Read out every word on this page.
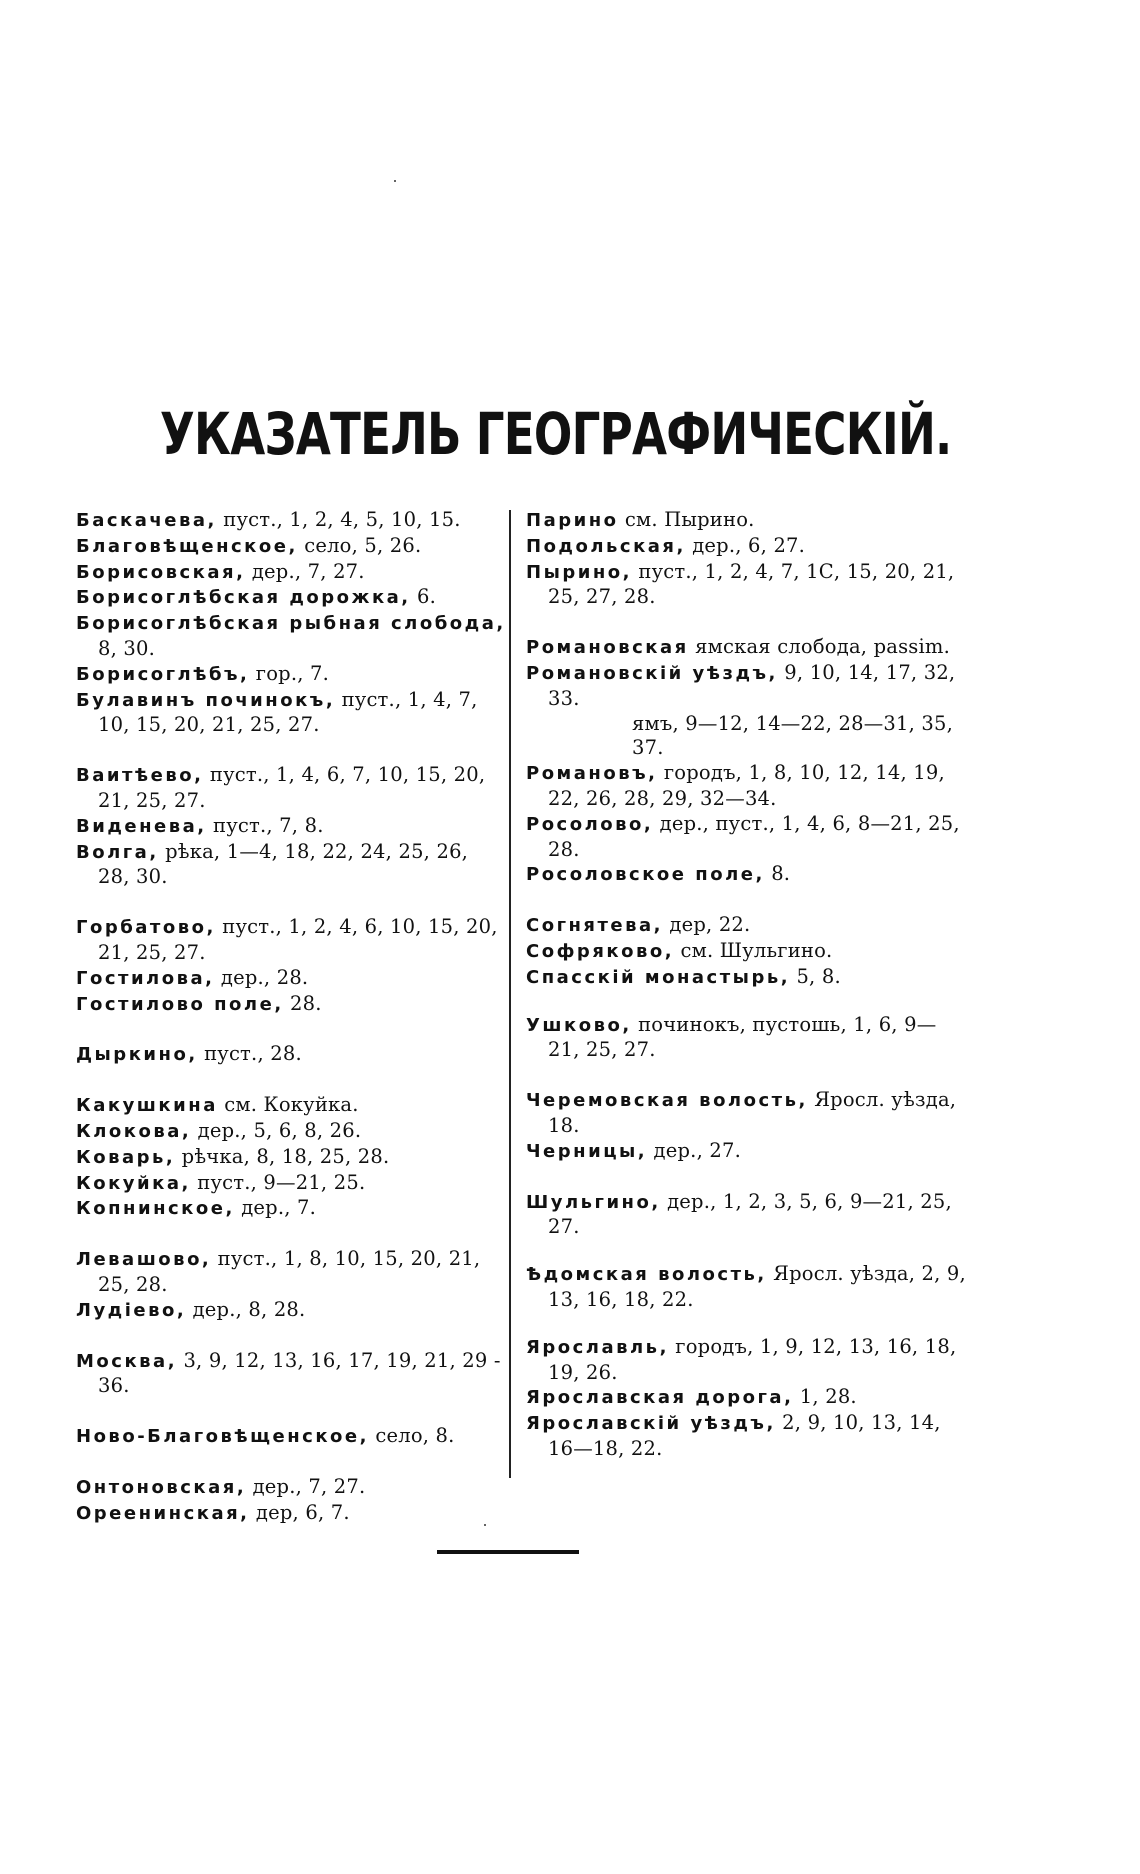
УКАЗАТЕЛЬ ГЕОГРАФИЧЕСКІЙ.

Баскачева, пуст., 1, 2, 4, 5, 10, 15.

Благовѣщенское, село, 5, 26.

Борисовская, дер., 7, 27.

Борисоглѣбская дорожка, 6.

Борисоглѣбская рыбная слобода, 8, 30.

Борисоглѣбъ, гор., 7.

Булавинъ починокъ, пуст., 1, 4, 7, 10, 15, 20, 21, 25, 27.

Ваитѣево, пуст., 1, 4, 6, 7, 10, 15, 20, 21, 25, 27.

Виденева, пуст., 7, 8.

Волга, рѣка, 1—4, 18, 22, 24, 25, 26, 28, 30.

Горбатово, пуст., 1, 2, 4, 6, 10, 15, 20, 21, 25, 27.

Гостилова, дер., 28.

Гостилово поле, 28.

Дыркино, пуст., 28.

Какушкина см. Кокуйка.

Клокова, дер., 5, 6, 8, 26.

Коварь, рѣчка, 8, 18, 25, 28.

Кокуйка, пуст., 9—21, 25.

Копнинское, дер., 7.

Левашово, пуст., 1, 8, 10, 15, 20, 21, 25, 28.

Лудіево, дер., 8, 28.

Москва, 3, 9, 12, 13, 16, 17, 19, 21, 29 - 36.

Ново-Благовѣщенское, село, 8.

Онтоновская, дер., 7, 27.

Ореенинская, дер, 6, 7.

Парино см. Пырино.

Подольская, дер., 6, 27.

Пырино, пуст., 1, 2, 4, 7, 1С, 15, 20, 21, 25, 27, 28.

Романовская ямская слобода, passim.

Романовскій уѣздъ, 9, 10, 14, 17, 32, 33.

ямъ, 9—12, 14—22, 28—31, 35, 37.

Романовъ, городъ, 1, 8, 10, 12, 14, 19, 22, 26, 28, 29, 32—34.

Росолово, дер., пуст., 1, 4, 6, 8—21, 25, 28.

Росоловское поле, 8.

Согнятева, дер, 22.

Софряково, см. Шульгино.

Спасскій монастырь, 5, 8.

Ушково, починокъ, пустошь, 1, 6, 9—21, 25, 27.

Черемовская волость, Яросл. уѣзда, 18.

Черницы, дер., 27.

Шульгино, дер., 1, 2, 3, 5, 6, 9—21, 25, 27.

Ѣдомская волость, Яросл. уѣзда, 2, 9, 13, 16, 18, 22.

Ярославль, городъ, 1, 9, 12, 13, 16, 18, 19, 26.

Ярославская дорога, 1, 28.

Ярославскій уѣздъ, 2, 9, 10, 13, 14, 16—18, 22.
